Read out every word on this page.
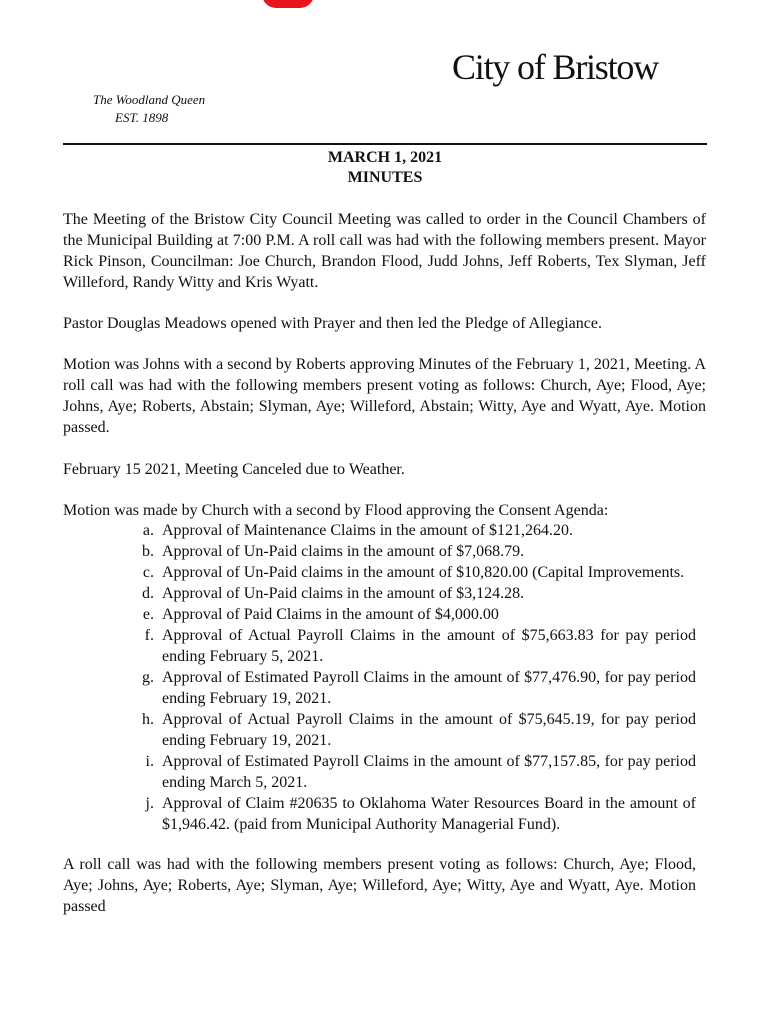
City of Bristow
The Woodland Queen
EST. 1898
MARCH 1, 2021
MINUTES
The Meeting of the Bristow City Council Meeting was called to order in the Council Chambers of the Municipal Building at 7:00 P.M. A roll call was had with the following members present. Mayor Rick Pinson, Councilman: Joe Church, Brandon Flood, Judd Johns, Jeff Roberts, Tex Slyman, Jeff Willeford, Randy Witty and Kris Wyatt.
Pastor Douglas Meadows opened with Prayer and then led the Pledge of Allegiance.
Motion was Johns with a second by Roberts approving Minutes of the February 1, 2021, Meeting. A roll call was had with the following members present voting as follows: Church, Aye; Flood, Aye; Johns, Aye; Roberts, Abstain; Slyman, Aye; Willeford, Abstain; Witty, Aye and Wyatt, Aye. Motion passed.
February 15 2021, Meeting Canceled due to Weather.
Motion was made by Church with a second by Flood approving the Consent Agenda:
a. Approval of Maintenance Claims in the amount of $121,264.20.
b. Approval of Un-Paid claims in the amount of $7,068.79.
c. Approval of Un-Paid claims in the amount of $10,820.00 (Capital Improvements.
d. Approval of Un-Paid claims in the amount of $3,124.28.
e. Approval of Paid Claims in the amount of $4,000.00
f. Approval of Actual Payroll Claims in the amount of $75,663.83 for pay period ending February 5, 2021.
g. Approval of Estimated Payroll Claims in the amount of $77,476.90, for pay period ending February 19, 2021.
h. Approval of Actual Payroll Claims in the amount of $75,645.19, for pay period ending February 19, 2021.
i. Approval of Estimated Payroll Claims in the amount of $77,157.85, for pay period ending March 5, 2021.
j. Approval of Claim #20635 to Oklahoma Water Resources Board in the amount of $1,946.42. (paid from Municipal Authority Managerial Fund).
A roll call was had with the following members present voting as follows: Church, Aye; Flood, Aye; Johns, Aye; Roberts, Aye; Slyman, Aye; Willeford, Aye; Witty, Aye and Wyatt, Aye. Motion passed
